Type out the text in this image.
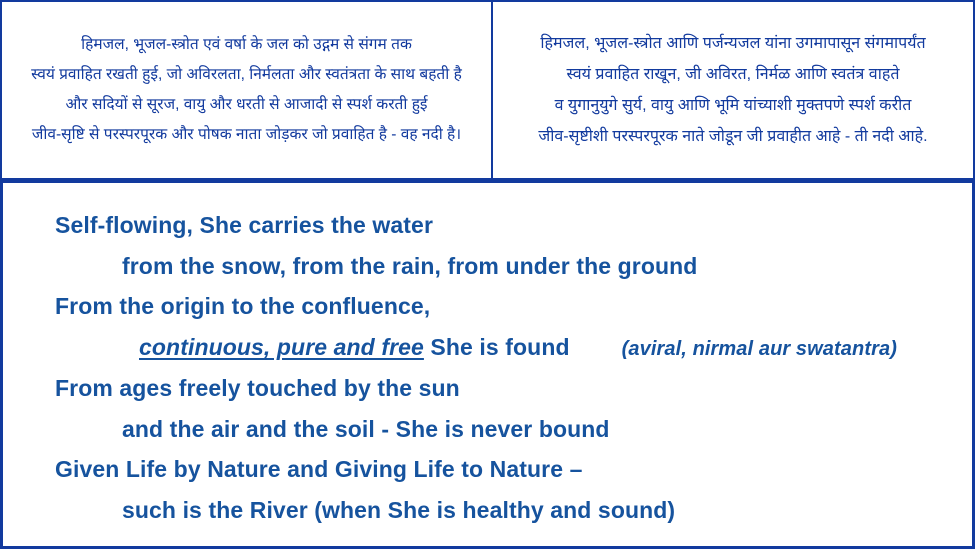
हिमजल, भूजल-स्त्रोत एवं वर्षा के जल को उद्गम से संगम तक
स्वयं प्रवाहित रखती हुई, जो अविरलता, निर्मलता और स्वतंत्रता के साथ बहती है
और सदियों से सूरज, वायु और धरती से आजादी से स्पर्श करती हुई
जीव-सृष्टि से परस्परपूरक और पोषक नाता जोड़कर जो प्रवाहित है - वह नदी है।
हिमजल, भूजल-स्त्रोत आणि पर्जन्यजल यांना उगमापासून संगमापर्यंत
स्वयं प्रवाहित राखून, जी अविरत, निर्मळ आणि स्वतंत्र वाहते
व युगानुयुगे सुर्य, वायु आणि भूमि यांच्याशी मुक्तपणे स्पर्श करीत
जीव-सृष्टीशी परस्परपूरक नाते जोडून जी प्रवाहीत आहे - ती नदी आहे.
Self-flowing, She carries the water
from the snow, from the rain, from under the ground
From the origin to the confluence,
continuous, pure and free She is found	(aviral, nirmal aur swatantra)
From ages freely touched by the sun
and the air and the soil - She is never bound
Given Life by Nature and Giving Life to Nature –
such is the River (when She is healthy and sound)
